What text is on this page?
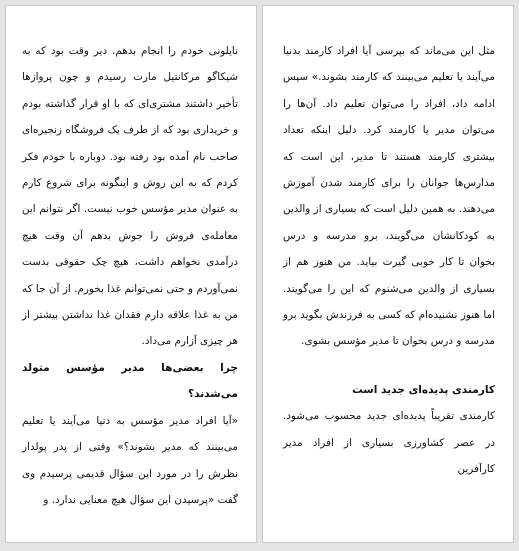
مثل این می‌ماند که بپرسی آیا افراد کارمند بدنیا می‌آیند یا تعلیم می‌بینند که کارمند بشوند.» سپس ادامه داد، افراد را می‌توان تعلیم داد. آن‌ها را می‌توان مدیر یا کارمند کرد. دلیل اینکه تعداد بیشتری کارمند هستند تا مدیر، این است که مدارس‌ها جوانان را برای کارمند شدن آموزش می‌دهند. به همین دلیل است که بسیاری از والدین به کودکانشان می‌گویند، برو مدرسه و درس بخوان تا کار خوبی گیرت بیاید. من هنوز هم از بسیاری از والدین می‌شنوم که این را می‌گویند. اما هنوز نشنیده‌ام که کسی به فرزندش بگوید برو مدرسه و درس بخوان تا مدیر مؤسس بشوی.

کارمندی پدیده‌ای جدید است

کارمندی تقریباً پدیده‌ای جدید محسوب می‌شود. در عصر کشاورزی بسیاری از افراد مدیر کارآفرین

نایلونی خودم را انجام بدهم. دیر وقت بود که به شیکاگو مرکانتیل مارت رسیدم و چون پروازها تأخیر داشتند مشتری‌ای که با او قرار گذاشته بودم و خریداری بود که از طرف یک فروشگاه زنجیره‌ای صاحب نام آمده بود رفته بود. دوباره با خودم فکر کردم که به این روش و اینگونه برای شروع کارم به عنوان مدیر مؤسس خوب نیست. اگر نتوانم این معامله‌ی فروش را جوش بدهم آن وقت هیچ درآمدی نخواهم داشت، هیچ چک حقوقی بدست نمی‌آوردم و حتی نمی‌توانم غذا بخورم. از آن جا که من به غذا علاقه دارم فقدان غذا نداشتن بیشتر از هر چیزی آزارم می‌داد.

چرا بعضی‌ها مدیر مؤسس متولد می‌شدند؟

«آیا افراد مدیر مؤسس به دنیا می‌آیند یا تعلیم می‌بینند که مدیر بشوند؟» وقتی از پدر پولدار نظرش را در مورد این سؤال قدیمی پرسیدم وی گفت «پرسیدن این سؤال هیچ معنایی ندارد. و
